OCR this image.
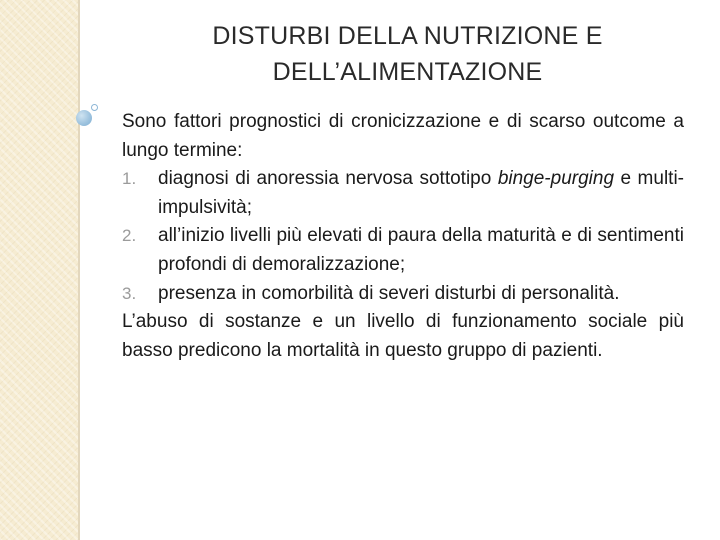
DISTURBI DELLA NUTRIZIONE E
DELL’ALIMENTAZIONE

Sono fattori prognostici di cronicizzazione e di scarso outcome a lungo termine:

1.	diagnosi di anoressia nervosa sottotipo binge-purging e multi-impulsività;
2.	all’inizio livelli più elevati di paura della maturità e di sentimenti profondi di demoralizzazione;
3.	presenza in comorbilità di severi disturbi di personalità.

L’abuso di sostanze e un livello di funzionamento sociale più basso predicono la mortalità in questo gruppo di pazienti.
